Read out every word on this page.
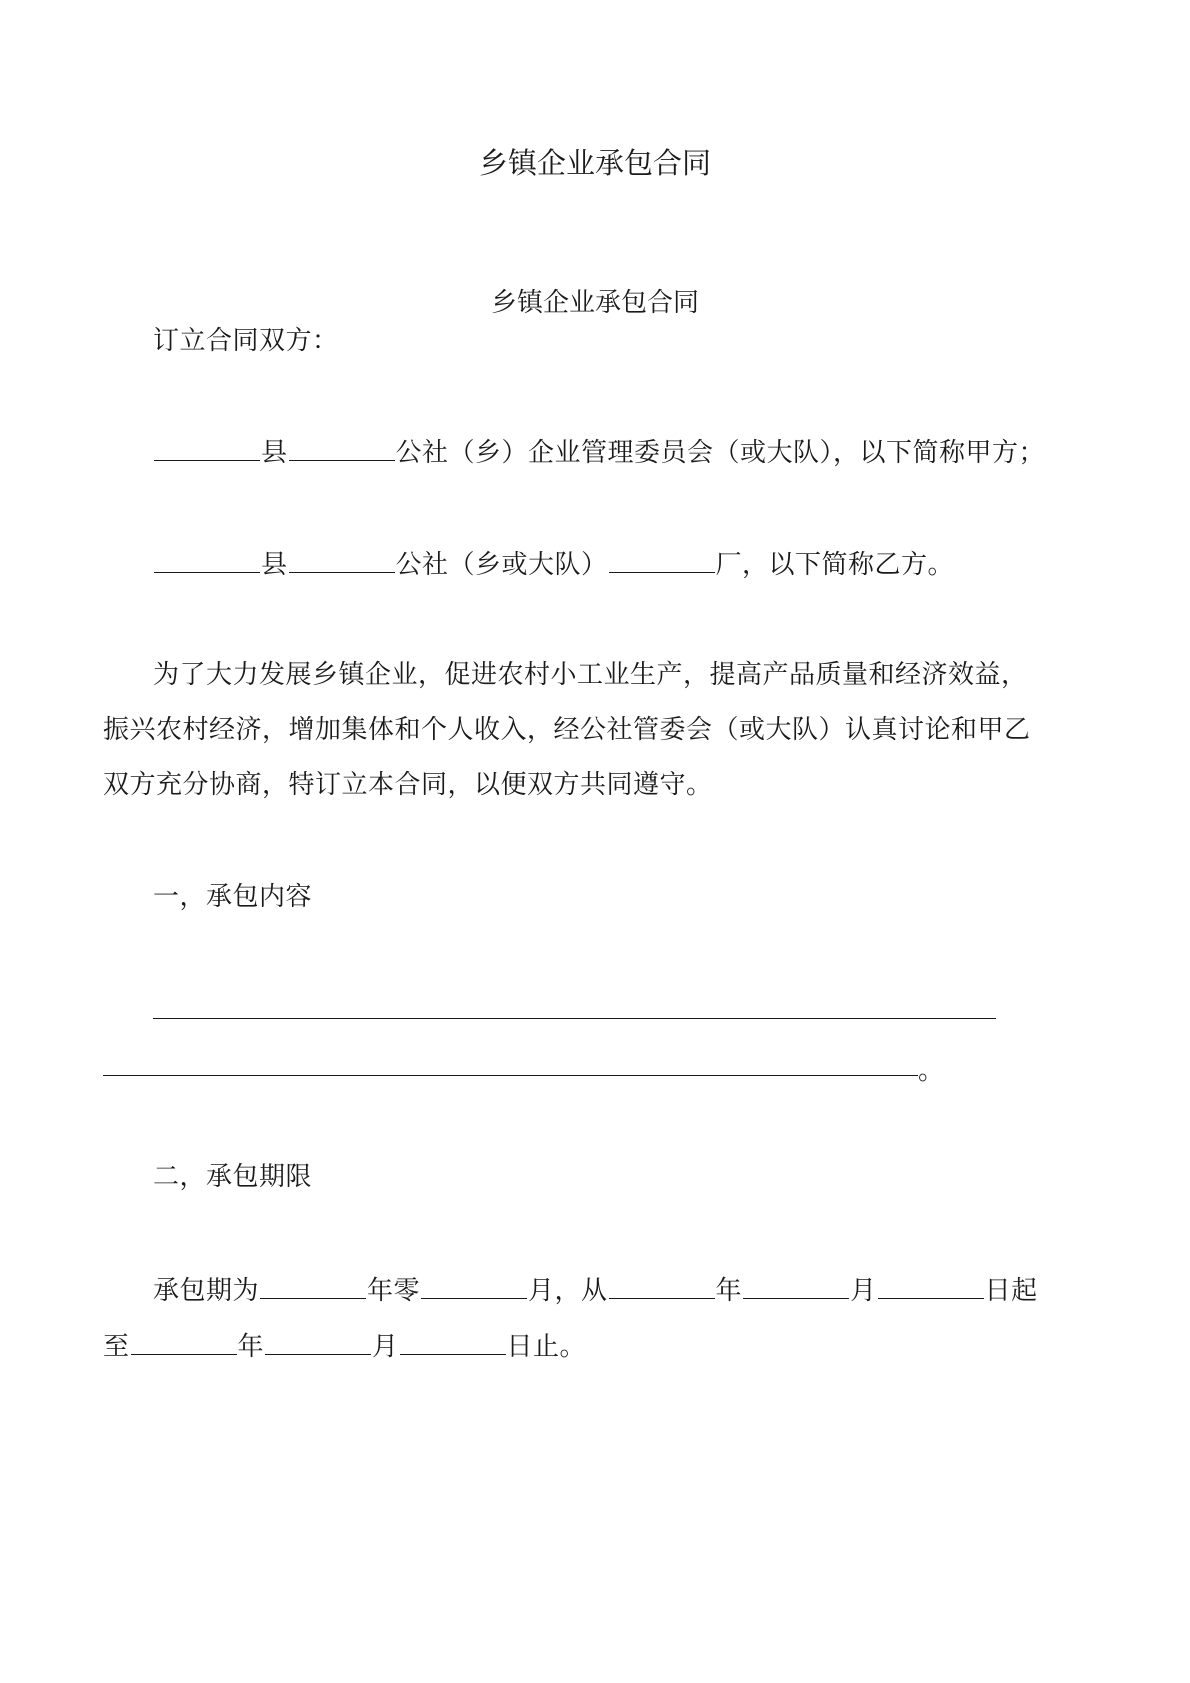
乡镇企业承包合同
乡镇企业承包合同
订立合同双方：
县	公社（乡）企业管理委员会（或大队），以下简称甲方；
县	公社（乡或大队）	厂，以下简称乙方。
为了大力发展乡镇企业，促进农村小工业生产，提高产品质量和经济效益，
振兴农村经济，增加集体和个人收入，经公社管委会（或大队）认真讨论和甲乙
双方充分协商，特订立本合同，以便双方共同遵守。
一，承包内容
。
二，承包期限
承包期为	年零	月，从	年	月	日起
至	年	月	日止。
